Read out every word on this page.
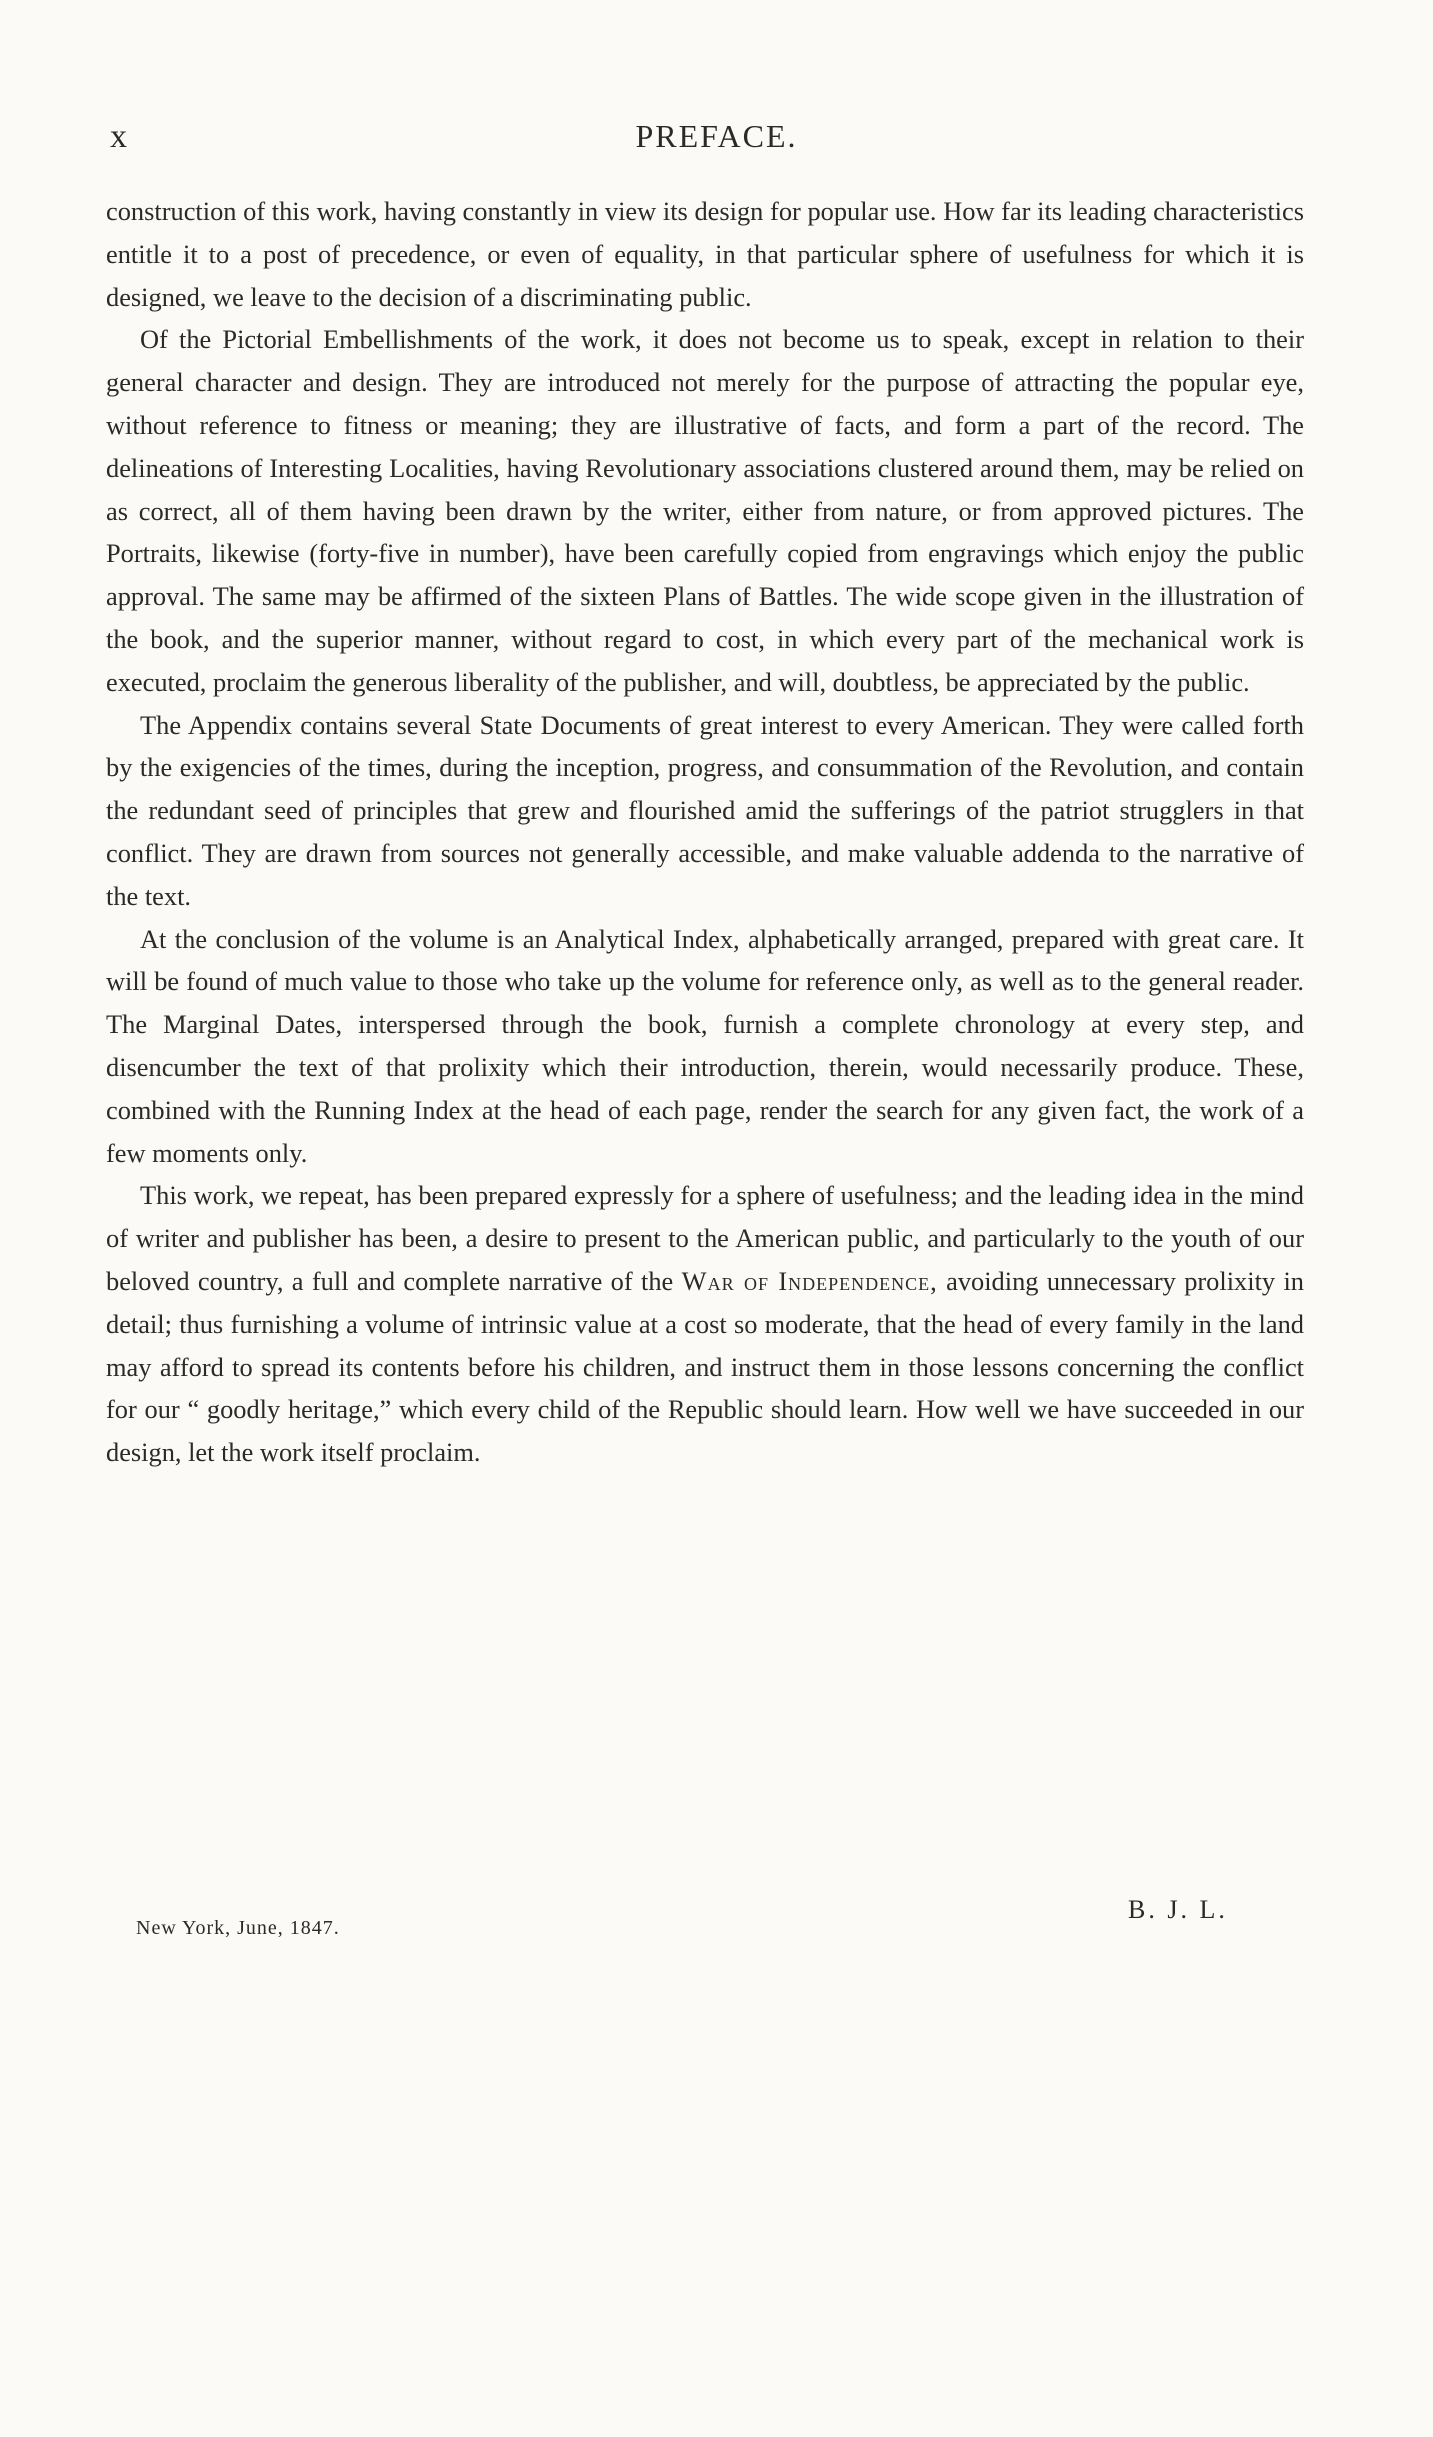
x	PREFACE.

construction of this work, having constantly in view its design for popular use. How far its leading characteristics entitle it to a post of precedence, or even of equality, in that particular sphere of usefulness for which it is designed, we leave to the decision of a discriminating public.

Of the Pictorial Embellishments of the work, it does not become us to speak, except in relation to their general character and design. They are introduced not merely for the purpose of attracting the popular eye, without reference to fitness or meaning; they are illustrative of facts, and form a part of the record. The delineations of Interesting Localities, having Revolutionary associations clustered around them, may be relied on as correct, all of them having been drawn by the writer, either from nature, or from approved pictures. The Portraits, likewise (forty-five in number), have been carefully copied from engravings which enjoy the public approval. The same may be affirmed of the sixteen Plans of Battles. The wide scope given in the illustration of the book, and the superior manner, without regard to cost, in which every part of the mechanical work is executed, proclaim the generous liberality of the publisher, and will, doubtless, be appreciated by the public.

The Appendix contains several State Documents of great interest to every American. They were called forth by the exigencies of the times, during the inception, progress, and consummation of the Revolution, and contain the redundant seed of principles that grew and flourished amid the sufferings of the patriot strugglers in that conflict. They are drawn from sources not generally accessible, and make valuable addenda to the narrative of the text.

At the conclusion of the volume is an Analytical Index, alphabetically arranged, prepared with great care. It will be found of much value to those who take up the volume for reference only, as well as to the general reader. The Marginal Dates, interspersed through the book, furnish a complete chronology at every step, and disencumber the text of that prolixity which their introduction, therein, would necessarily produce. These, combined with the Running Index at the head of each page, render the search for any given fact, the work of a few moments only.

This work, we repeat, has been prepared expressly for a sphere of usefulness; and the leading idea in the mind of writer and publisher has been, a desire to present to the American public, and particularly to the youth of our beloved country, a full and complete narrative of the War of Independence, avoiding unnecessary prolixity in detail; thus furnishing a volume of intrinsic value at a cost so moderate, that the head of every family in the land may afford to spread its contents before his children, and instruct them in those lessons concerning the conflict for our “ goodly heritage,” which every child of the Republic should learn. How well we have succeeded in our design, let the work itself proclaim.

New York, June, 1847.
B. J. L.
